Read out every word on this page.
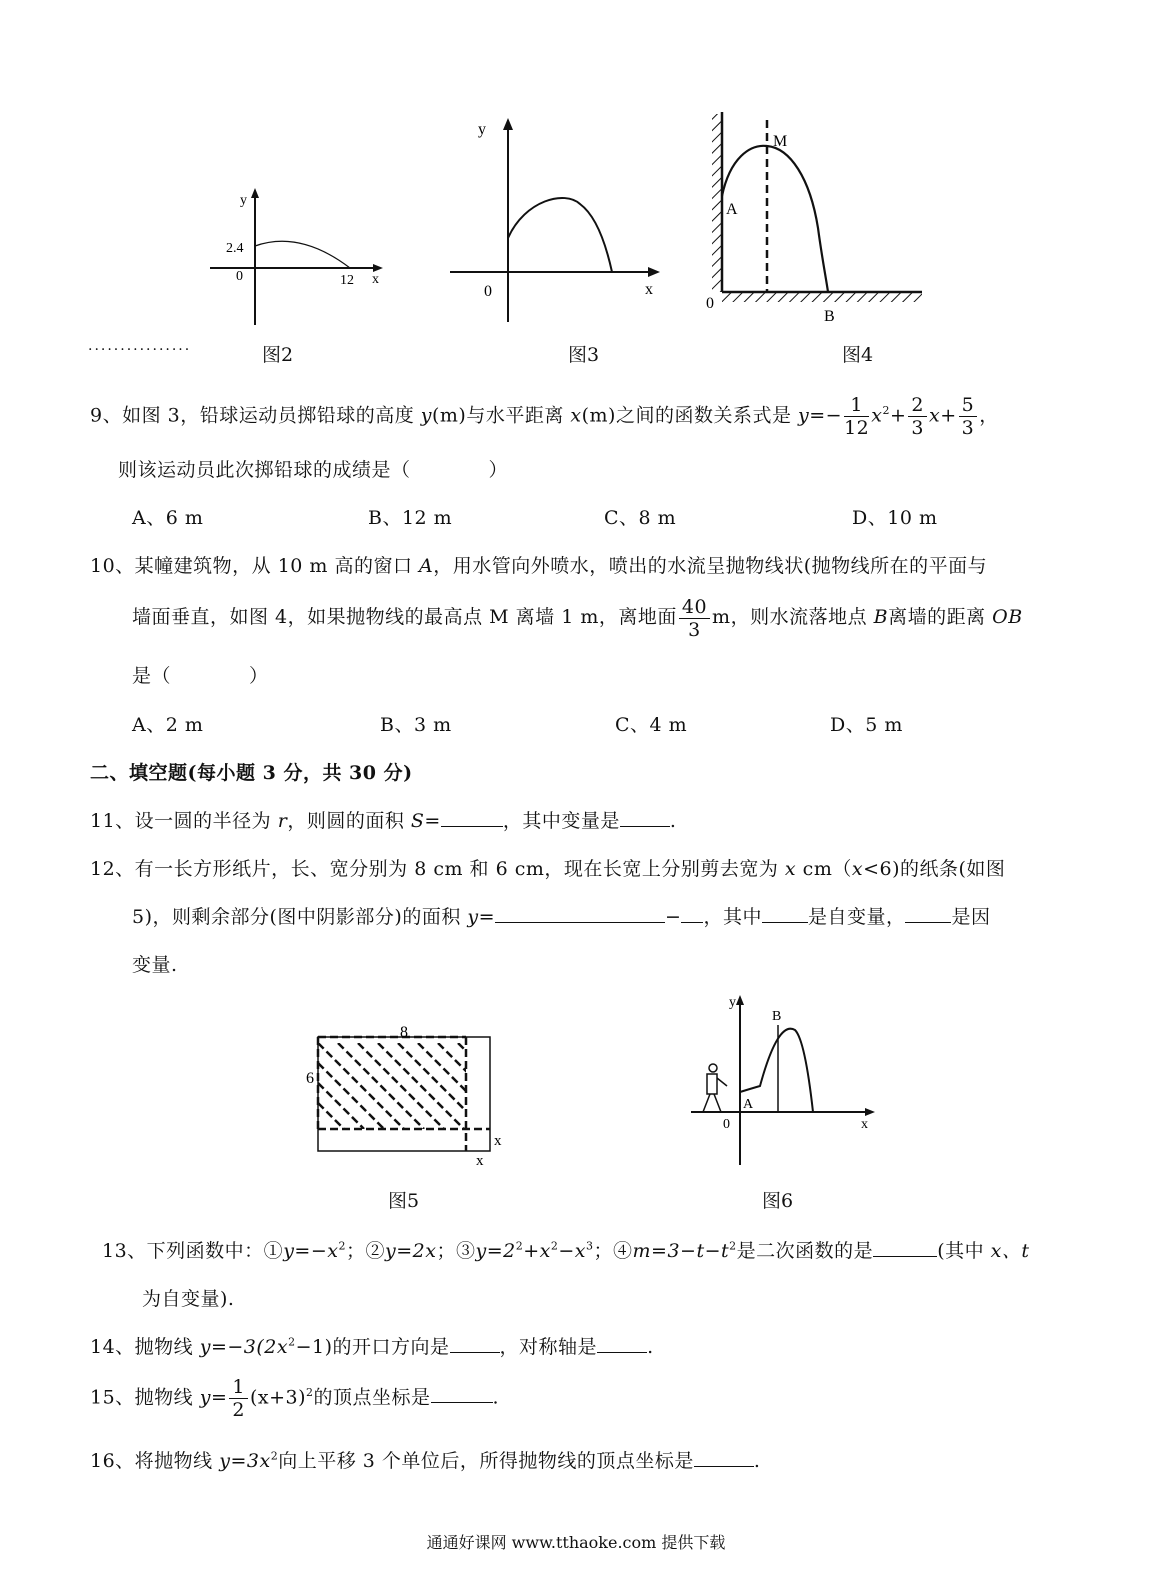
y
x
0
2.4
12
................	图2
y
x
0
图3
M
A
0
B
图4
9、如图 3，铅球运动员掷铅球的高度 y(m)与水平距离 x(m)之间的函数关系式是 $y=- \frac{1}{12} x^2+ \frac{2}{3} x+ \frac{5}{3}$ ，
则该运动员此次掷铅球的成绩是（　　　　）
A、6 m	B、12 m	C、8 m	D、10 m
10、某幢建筑物，从 10 m 高的窗口 A，用水管向外喷水，喷出的水流呈抛物线状(抛物线所在的平面与
墙面垂直，如图 4，如果抛物线的最高点 M 离墙 1 m，离地面 $\frac{40}{3}$ m，则水流落地点 B离墙的距离 OB
是（　　　　）
A、2 m	B、3 m	C、4 m	D、5 m
二、填空题(每小题 3 分，共 30 分)
11、设一圆的半径为 r，则圆的面积 S=	，其中变量是	.
12、有一长方形纸片，长、宽分别为 8 cm 和 6 cm，现在长宽上分别剪去宽为 x cm（x<6)的纸条(如图
5)，则剩余部分(图中阴影部分)的面积 y=	− ，其中 是自变量， 是因
变量.
8
6
x
x
图5
y
x
0
A
B
图6
13、下列函数中：$①y=-x^2$；②y=2x；$③y=2^2+x^2-x^3$；$④m=3-t-t^2$是二次函数的是	(其中 x、t
为自变量).
14、抛物线 $y=-3(2x^2-1)$的开口方向是	，对称轴是	.
15、抛物线 $y= \frac{1}{2} (x+3)^2$的顶点坐标是	.
16、将抛物线 $y=3x^2$向上平移 3 个单位后，所得抛物线的顶点坐标是	.
通通好课网 www.tthaoke.com 提供下载
